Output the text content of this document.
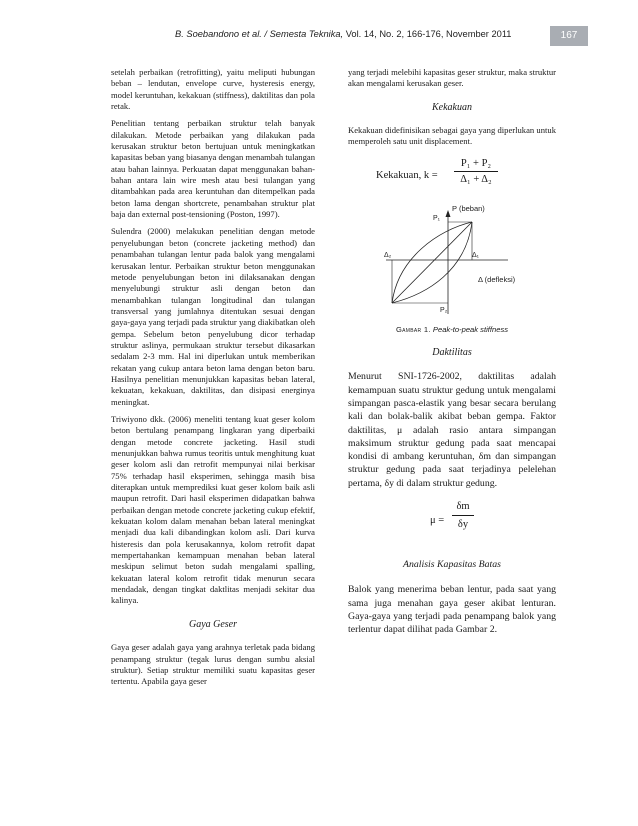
B. Soebandono et al. / Semesta Teknika, Vol. 14, No. 2, 166-176, November 2011	167

setelah perbaikan (retrofitting), yaitu meliputi hubungan beban – lendutan, envelope curve, hysteresis energy, model keruntuhan, kekakuan (stiffness), daktilitas dan pola retak.

Penelitian tentang perbaikan struktur telah banyak dilakukan. Metode perbaikan yang dilakukan pada kerusakan struktur beton bertujuan untuk meningkatkan kapasitas beban yang biasanya dengan menambah tulangan atau bahan lainnya. Perkuatan dapat menggunakan bahan-bahan antara lain wire mesh atau besi tulangan yang ditambahkan pada area keruntuhan dan ditempelkan pada beton lama dengan shortcrete, penambahan struktur plat baja dan external post-tensioning (Poston, 1997).

Sulendra (2000) melakukan penelitian dengan metode penyelubungan beton (concrete jacketing method) dan penambahan tulangan lentur pada balok yang mengalami kerusakan lentur. Perbaikan struktur beton menggunakan metode penyelubungan beton ini dilaksanakan dengan menyelubungi struktur asli dengan beton dan menambahkan tulangan longitudinal dan tulangan transversal yang jumlahnya ditentukan sesuai dengan gaya-gaya yang terjadi pada struktur yang diakibatkan oleh gempa. Sebelum beton penyelubung dicor terhadap struktur aslinya, permukaan struktur tersebut dikasarkan sedalam 2-3 mm. Hal ini diperlukan untuk memberikan rekatan yang cukup antara beton lama dengan beton baru. Hasilnya penelitian menunjukkan kapasitas beban lateral, kekuatan, kekakuan, daktilitas, dan disipasi energinya meningkat.

Triwiyono dkk. (2006) meneliti tentang kuat geser kolom beton bertulang penampang lingkaran yang diperbaiki dengan metode concrete jacketing. Hasil studi menunjukkan bahwa rumus teoritis untuk menghitung kuat geser kolom asli dan retrofit mempunyai nilai berkisar 75% terhadap hasil eksperimen, sehingga masih bisa diterapkan untuk memprediksi kuat geser kolom baik asli maupun retrofit. Dari hasil eksperimen didapatkan bahwa perbaikan dengan metode concrete jacketing cukup efektif, kekuatan kolom dalam menahan beban lateral meningkat menjadi dua kali dibandingkan kolom asli. Dari kurva histeresis dan pola kerusakannya, kolom retrofit dapat mempertahankan kemampuan menahan beban lateral meskipun selimut beton sudah mengalami spalling, kekuatan lateral kolom retrofit tidak menurun secara mendadak, dengan tingkat daktlitas menjadi sekitar dua kalinya.

Gaya Geser

Gaya geser adalah gaya yang arahnya terletak pada bidang penampang struktur (tegak lurus dengan sumbu aksial struktur). Setiap struktur memiliki suatu kapasitas geser tertentu. Apabila gaya geser

yang terjadi melebihi kapasitas geser struktur, maka struktur akan mengalami kerusakan geser.

Kekakuan

Kekakuan didefinisikan sebagai gaya yang diperlukan untuk memperoleh satu unit displacement.

Kekakuan, k =
P₁ + P₂
Δ₁ + Δ₂
P (beban)
P₁
P₂
Δ₁
Δ₂
Δ (defleksi)
Gambar 1. Peak-to-peak stiffness
Daktilitas

Menurut SNI-1726-2002, daktilitas adalah kemampuan suatu struktur gedung untuk mengalami simpangan pasca-elastik yang besar secara berulang kali dan bolak-balik akibat beban gempa. Faktor daktilitas, μ adalah rasio antara simpangan maksimum struktur gedung pada saat mencapai kondisi di ambang keruntuhan, δm dan simpangan struktur gedung pada saat terjadinya pelelehan pertama, δy di dalam struktur gedung.

μ =
δm
δy
Analisis Kapasitas Batas

Balok yang menerima beban lentur, pada saat yang sama juga menahan gaya geser akibat lenturan. Gaya-gaya yang terjadi pada penampang balok yang terlentur dapat dilihat pada Gambar 2.
